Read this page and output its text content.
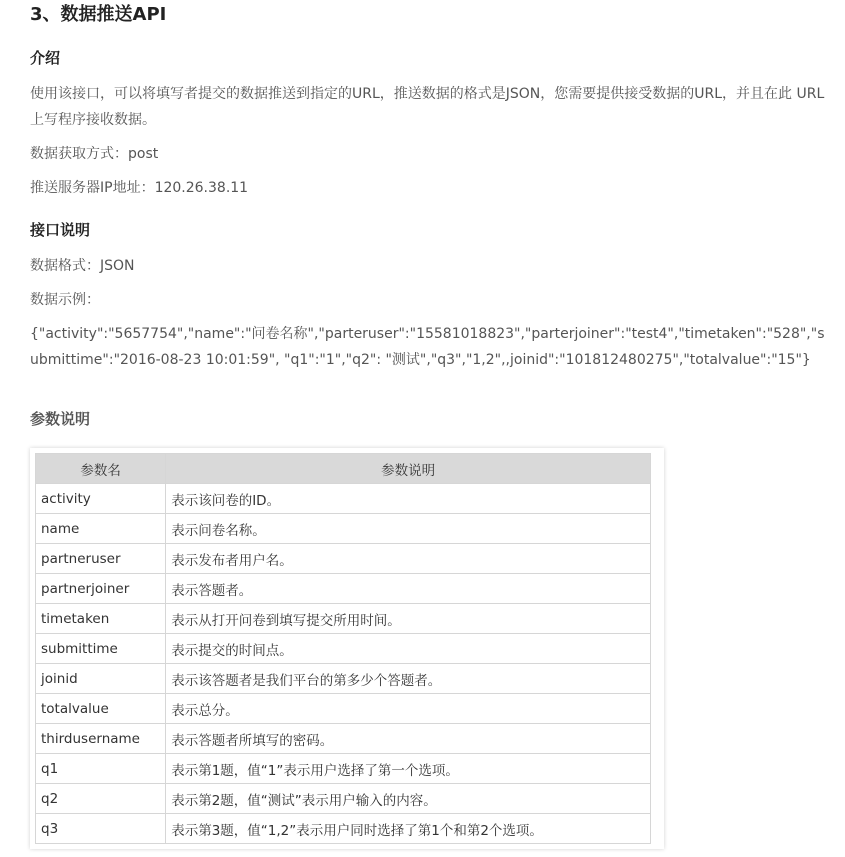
3、数据推送API
介绍

使用该接口，可以将填写者提交的数据推送到指定的URL，推送数据的格式是JSON，您需要提供接受数据的URL，并且在此 URL上写程序接收数据。

数据获取方式：post

推送服务器IP地址：120.26.38.11

接口说明

数据格式：JSON

数据示例：

{"activity":"5657754","name":"问卷名称","parteruser":"15581018823","parterjoiner":"test4","timetaken":"528","submittime":"2016-08-23 10:01:59", "q1":"1","q2": "测试","q3","1,2",,joinid":"101812480275","totalvalue":"15"}

参数说明
参数名	参数说明
activity	表示该问卷的ID。
name	表示问卷名称。
partneruser	表示发布者用户名。
partnerjoiner	表示答题者。
timetaken	表示从打开问卷到填写提交所用时间。
submittime	表示提交的时间点。
joinid	表示该答题者是我们平台的第多少个答题者。
totalvalue	表示总分。
thirdusername	表示答题者所填写的密码。
q1	表示第1题，值“1”表示用户选择了第一个选项。
q2	表示第2题，值“测试”表示用户输入的内容。
q3	表示第3题，值“1,2”表示用户同时选择了第1个和第2个选项。
